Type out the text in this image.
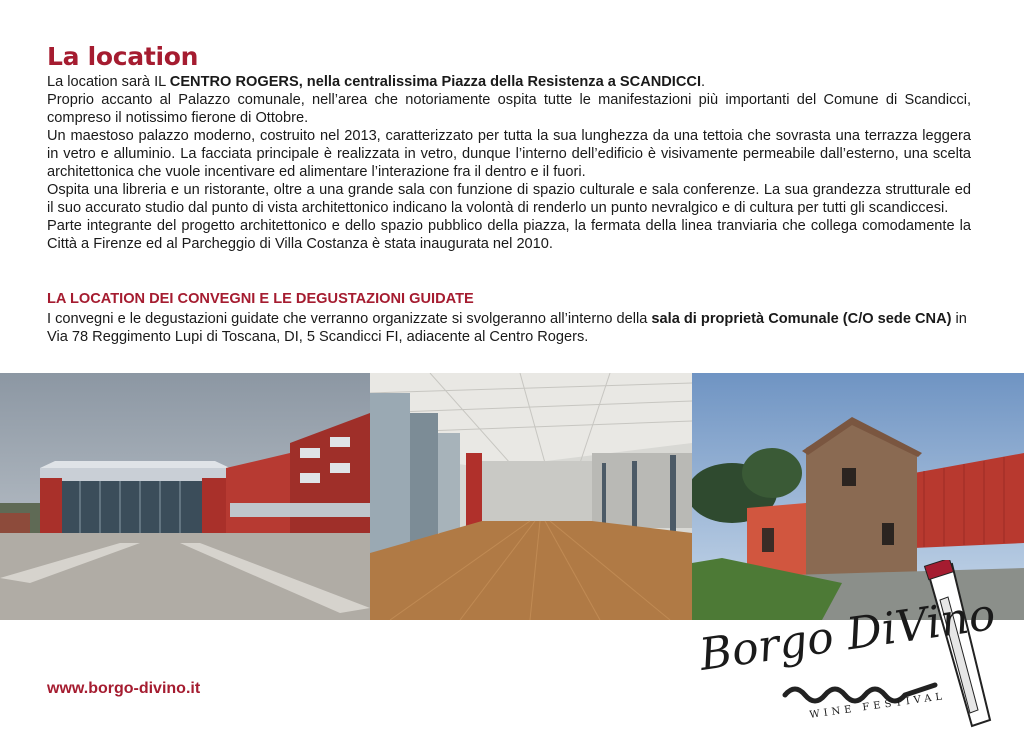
La location

La location sarà IL CENTRO ROGERS, nella centralissima Piazza della Resistenza a SCANDICCI.

Proprio accanto al Palazzo comunale, nell’area che notoriamente ospita tutte le manifestazioni più importanti del Comune di Scandicci, compreso il notissimo fierone di Ottobre.

Un maestoso palazzo moderno, costruito nel 2013, caratterizzato per tutta la sua lunghezza da una tettoia che sovrasta una terrazza leggera in vetro e alluminio. La facciata principale è realizzata in vetro, dunque l’interno dell’edificio è visivamente permeabile dall’esterno, una scelta architettonica che vuole incentivare ed alimentare l’interazione fra il dentro e il fuori.

Ospita una libreria e un ristorante, oltre a una grande sala con funzione di spazio culturale e sala conferenze. La sua grandezza strutturale ed il suo accurato studio dal punto di vista architettonico indicano la volontà di renderlo un punto nevralgico e di cultura per tutti gli scandiccesi.

Parte integrante del progetto architettonico e dello spazio pubblico della piazza, la fermata della linea tranviaria che collega comodamente la Città a Firenze ed al Parcheggio di Villa Costanza è stata inaugurata nel 2010.

LA LOCATION DEI CONVEGNI E LE DEGUSTAZIONI GUIDATE

I convegni e le degustazioni guidate che verranno organizzate si svolgeranno all’interno della sala di proprietà Comunale (C/O sede CNA) in Via 78 Reggimento Lupi di Toscana, DI, 5 Scandicci FI, adiacente al Centro Rogers.

www.borgo-divino.it

Borgo DiVino
WINE FESTIVAL
